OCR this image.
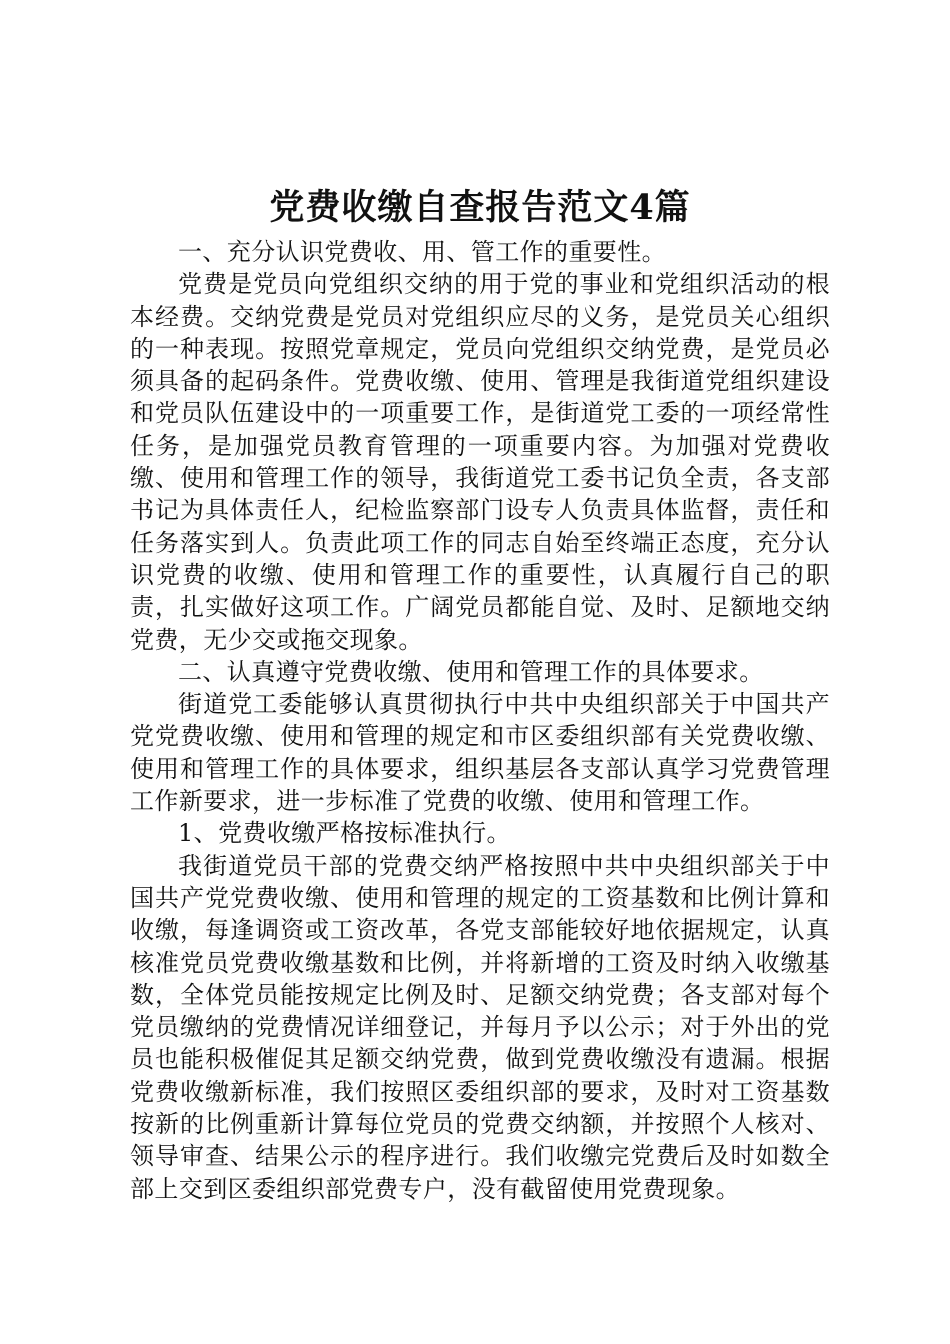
党费收缴自查报告范文4篇

一、充分认识党费收、用、管工作的重要性。

党费是党员向党组织交纳的用于党的事业和党组织活动的根本经费。交纳党费是党员对党组织应尽的义务，是党员关心组织的一种表现。按照党章规定，党员向党组织交纳党费，是党员必须具备的起码条件。党费收缴、使用、管理是我街道党组织建设和党员队伍建设中的一项重要工作，是街道党工委的一项经常性任务，是加强党员教育管理的一项重要内容。为加强对党费收缴、使用和管理工作的领导，我街道党工委书记负全责，各支部书记为具体责任人，纪检监察部门设专人负责具体监督，责任和任务落实到人。负责此项工作的同志自始至终端正态度，充分认识党费的收缴、使用和管理工作的重要性，认真履行自己的职责，扎实做好这项工作。广阔党员都能自觉、及时、足额地交纳党费，无少交或拖交现象。

二、认真遵守党费收缴、使用和管理工作的具体要求。

街道党工委能够认真贯彻执行中共中央组织部关于中国共产党党费收缴、使用和管理的规定和市区委组织部有关党费收缴、使用和管理工作的具体要求，组织基层各支部认真学习党费管理工作新要求，进一步标准了党费的收缴、使用和管理工作。

1、党费收缴严格按标准执行。

我街道党员干部的党费交纳严格按照中共中央组织部关于中国共产党党费收缴、使用和管理的规定的工资基数和比例计算和收缴，每逢调资或工资改革，各党支部能较好地依据规定，认真核准党员党费收缴基数和比例，并将新增的工资及时纳入收缴基数，全体党员能按规定比例及时、足额交纳党费；各支部对每个党员缴纳的党费情况详细登记，并每月予以公示；对于外出的党员也能积极催促其足额交纳党费，做到党费收缴没有遗漏。根据党费收缴新标准，我们按照区委组织部的要求，及时对工资基数按新的比例重新计算每位党员的党费交纳额，并按照个人核对、领导审查、结果公示的程序进行。我们收缴完党费后及时如数全部上交到区委组织部党费专户，没有截留使用党费现象。
